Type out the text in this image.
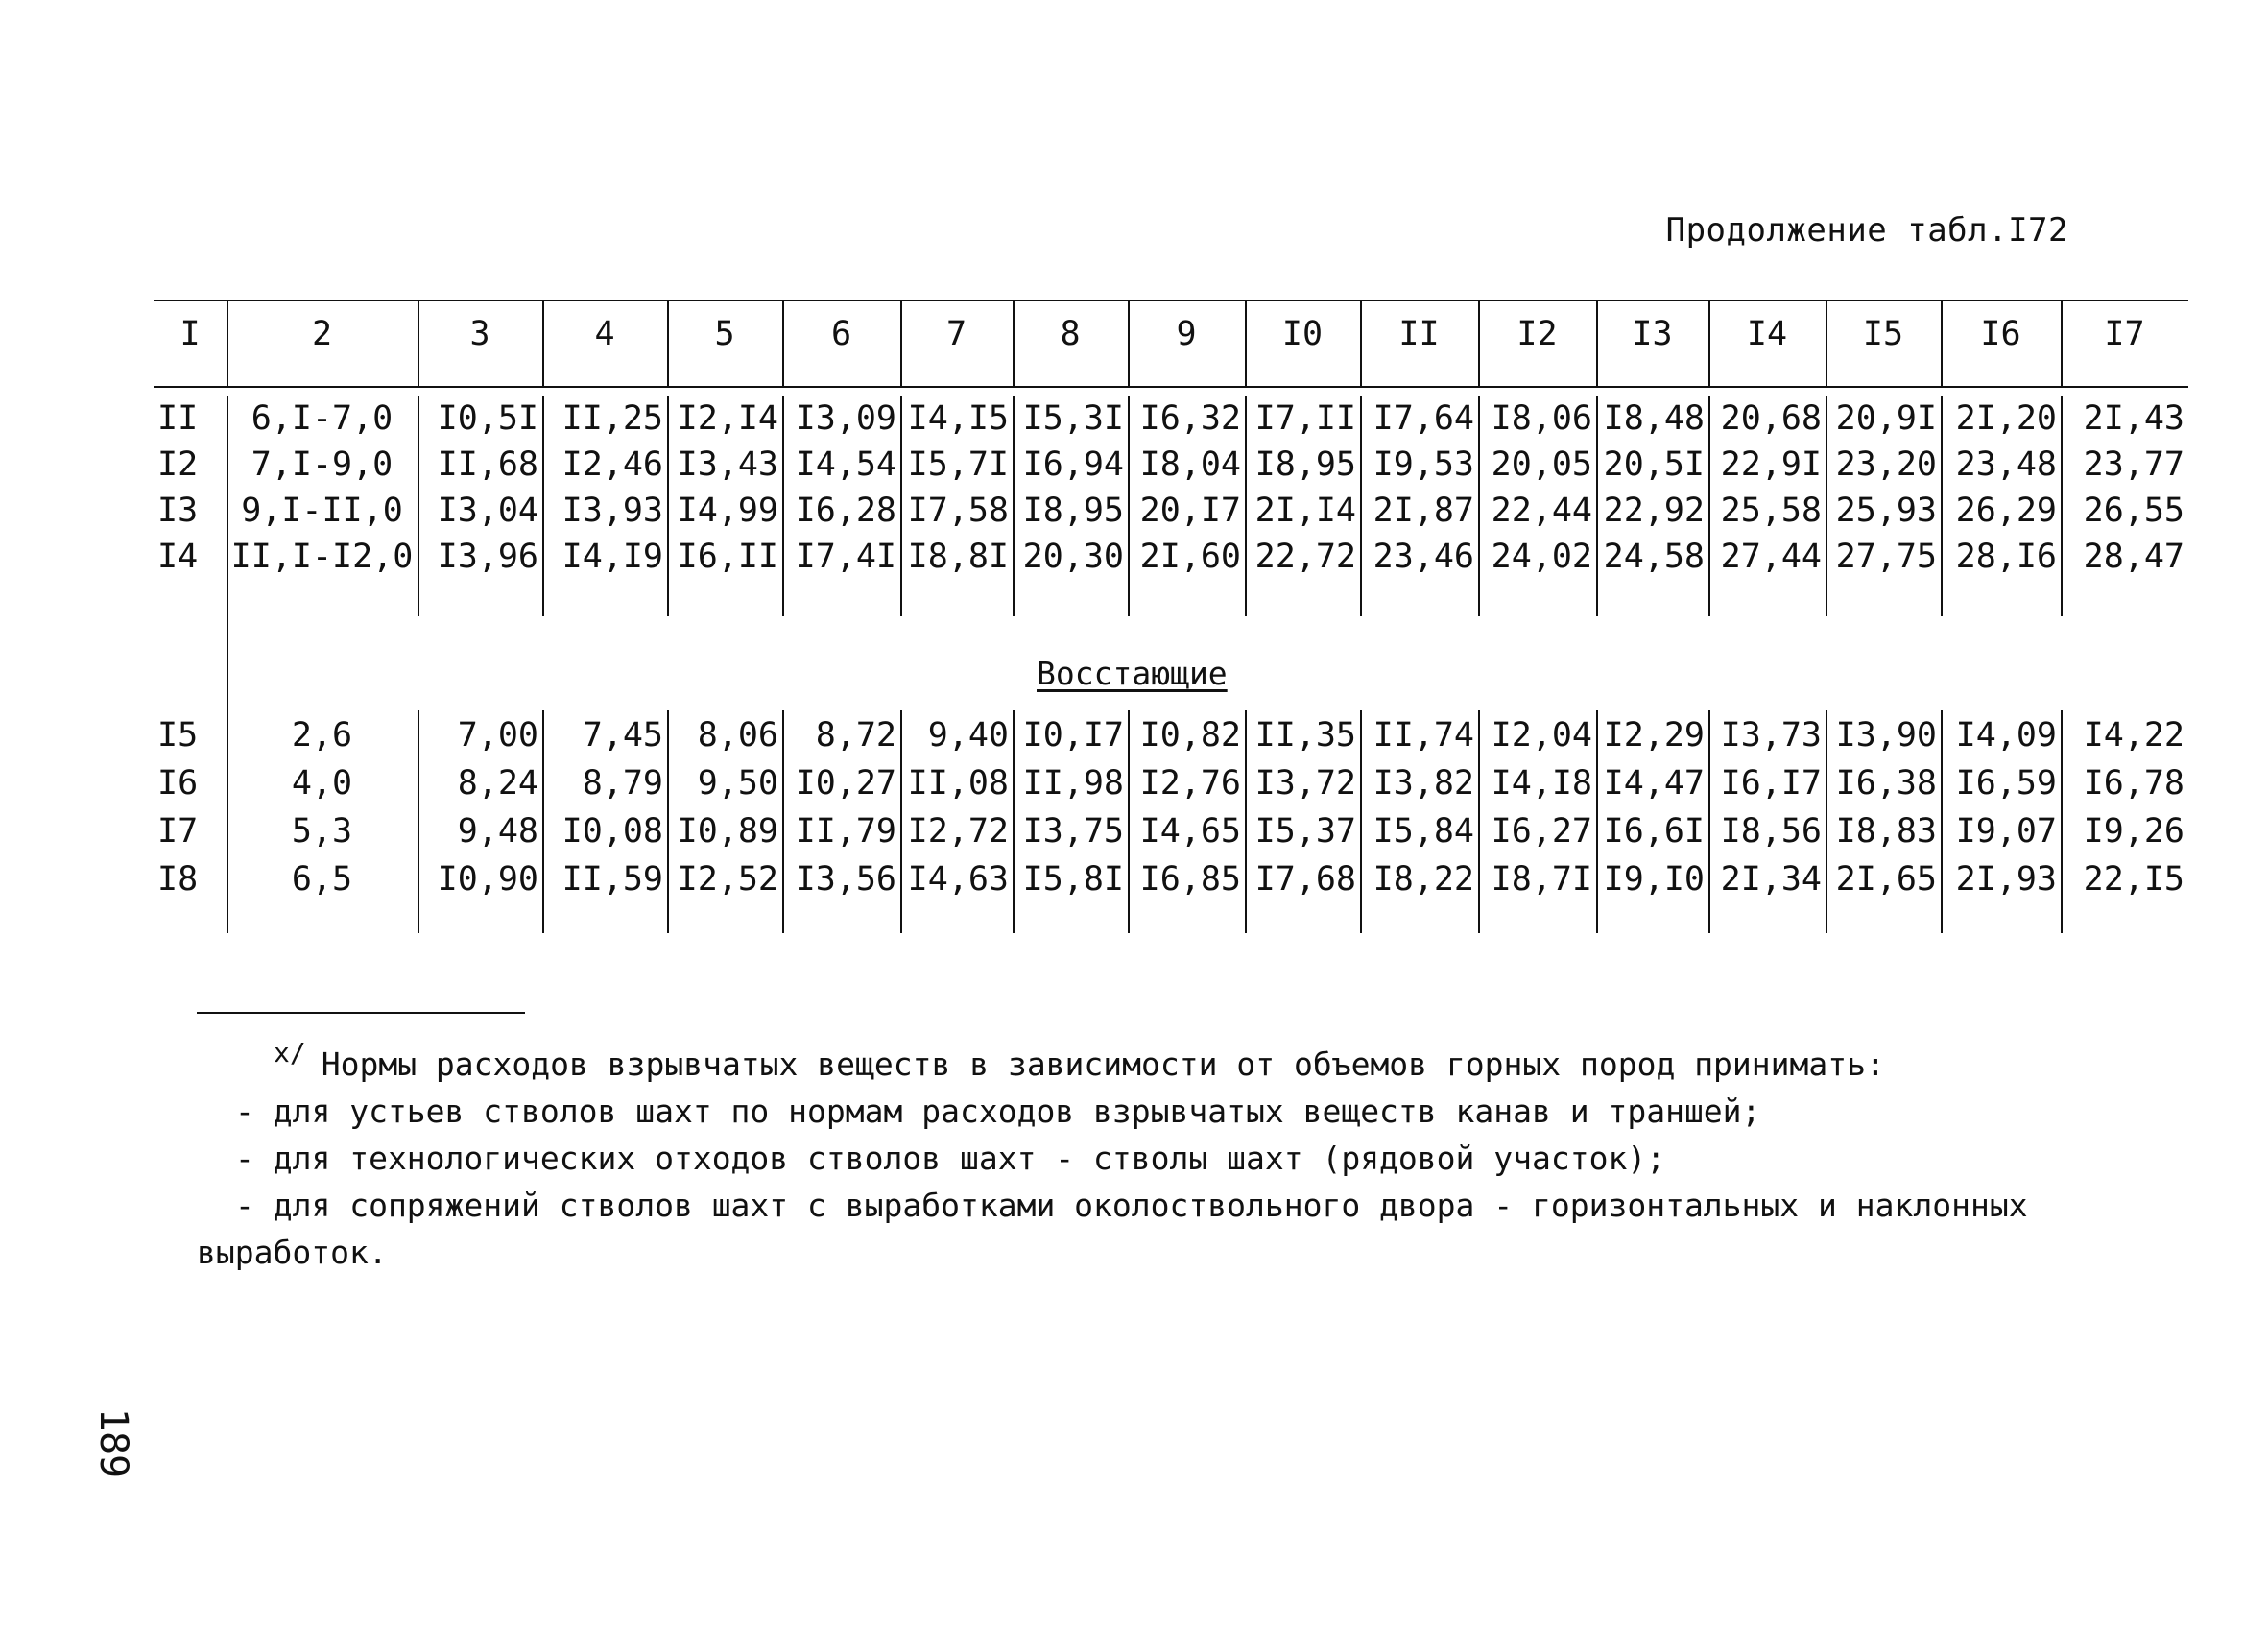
Продолжение табл.I72
I	2	3	4	5	6	7	8	9	I0	II	I2	I3	I4	I5	I6	I7
II	6,I-7,0	I0,5I II,25 I2,I4 I3,09 I4,I5 I5,3I I6,32 I7,II I7,64 I8,06 I8,48 20,68 20,9I 2I,20 2I,43
I2	7,I-9,0	II,68 I2,46 I3,43 I4,54 I5,7I I6,94 I8,04 I8,95 I9,53 20,05 20,5I 22,9I 23,20 23,48 23,77
I3	9,I-II,0	I3,04 I3,93 I4,99 I6,28 I7,58 I8,95 20,I7 2I,I4 2I,87 22,44 22,92 25,58 25,93 26,29 26,55
I4 II,I-I2,0 I3,96 I4,I9 I6,II I7,4I I8,8I 20,30 2I,60 22,72 23,46 24,02 24,58 27,44 27,75 28,I6 28,47
Восстающие
I5	2,6	7,00	7,45	8,06	8,72 9,40 I0,I7 I0,82 II,35 II,74 I2,04 I2,29 I3,73 I3,90 I4,09 I4,22
I6	4,0	8,24	8,79	9,50 I0,27 II,08 II,98 I2,76 I3,72 I3,82 I4,I8 I4,47 I6,I7 I6,38 I6,59 I6,78
I7	5,3	9,48 I0,08 I0,89 II,79 I2,72 I3,75 I4,65 I5,37 I5,84 I6,27 I6,6I I8,56 I8,83 I9,07 I9,26
I8	6,5	I0,90 II,59 I2,52 I3,56 I4,63 I5,8I I6,85 I7,68 I8,22 I8,7I I9,I0 2I,34 2I,65 2I,93 22,I5
$^{x/}$ Нормы расходов взрывчатых веществ в зависимости от объемов горных пород принимать:
- для устьев стволов шахт по нормам расходов взрывчатых веществ канав и траншей;
- для технологических отходов стволов шахт - стволы шахт (рядовой участок);
- для сопряжений стволов шахт с выработками околоствольного двора - горизонтальных и наклонных
выработок.
189
